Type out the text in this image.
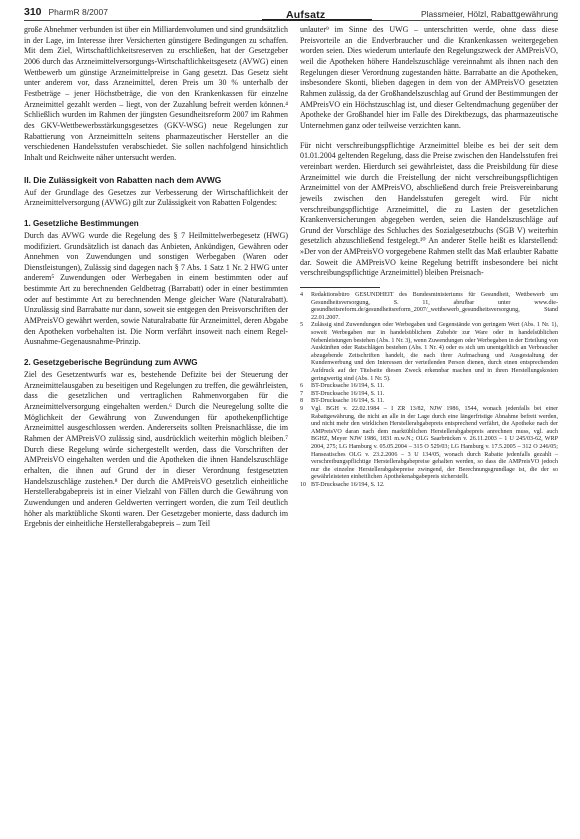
310 PharmR 8/2007	Aufsatz	Plassmeier, Hölzl, Rabattgewährung

große Abnehmer verbunden ist über ein Milliardenvolumen und sind grundsätzlich in der Lage, im Interesse ihrer Versicherten günstigere Bedingungen zu schaffen. Mit dem Ziel, Wirtschaftlichkeitsreserven zu erschließen, hat der Gesetzgeber 2006 durch das Arzneimittelversorgungs-Wirtschaftlichkeitsgesetz (AVWG) einen Wettbewerb um günstige Arzneimittelpreise in Gang gesetzt. Das Gesetz sieht unter anderem vor, dass Arzneimittel, deren Preis um 30 % unterhalb der Festbeträge – jener Höchstbeträge, die von den Krankenkassen für einzelne Arzneimittel gezahlt werden – liegt, von der Zuzahlung befreit werden können.⁴ Schließlich wurden im Rahmen der jüngsten Gesundheitsreform 2007 im Rahmen des GKV-Wettbewerbsstärkungsgesetzes (GKV-WSG) neue Regelungen zur Rabattierung von Arzneimitteln seitens pharmazeutischer Hersteller an die verschiedenen Handelsstufen verabschiedet. Sie sollen nachfolgend hinsichtlich Inhalt und Reichweite näher untersucht werden.

II. Die Zulässigkeit von Rabatten nach dem AVWG

Auf der Grundlage des Gesetzes zur Verbesserung der Wirtschaftlichkeit der Arzneimittelversorgung (AVWG) gilt zur Zulässigkeit von Rabatten Folgendes:

1. Gesetzliche Bestimmungen

Durch das AVWG wurde die Regelung des § 7 Heilmittelwerbegesetz (HWG) modifiziert. Grundsätzlich ist danach das Anbieten, Ankündigen, Gewähren oder Annehmen von Zuwendungen und sonstigen Werbegaben (Waren oder Dienstleistungen), Zulässig sind dagegen nach § 7 Abs. 1 Satz 1 Nr. 2 HWG unter anderem⁵ Zuwendungen oder Werbegaben in einem bestimmten oder auf bestimmte Art zu berechnenden Geldbetrag (Barrabatt) oder in einer bestimmten oder auf bestimmte Art zu berechnenden Menge gleicher Ware (Naturalrabatt). Unzulässig sind Barrabatte nur dann, soweit sie entgegen den Preisvorschriften der AMPreisVO gewährt werden, sowie Naturalrabatte für Arzneimittel, deren Abgabe den Apotheken vorbehalten ist. Die Norm verfährt insoweit nach einem Regel-Ausnahme-Gegenausnahme-Prinzip.

2. Gesetzgeberische Begründung zum AVWG

Ziel des Gesetzentwurfs war es, bestehende Defizite bei der Steuerung der Arzneimittelausgaben zu beseitigen und Regelungen zu treffen, die gewährleisten, dass die gesetzlichen und vertraglichen Rahmenvorgaben für die Arzneimittelversorgung eingehalten werden.⁶ Durch die Neuregelung sollte die Möglichkeit der Gewährung von Zuwendungen für apothekenpflichtige Arzneimittel ausgeschlossen werden. Andererseits sollten Preisnachlässe, die im Rahmen der AMPreisVO zulässig sind, ausdrücklich weiterhin möglich bleiben.⁷ Durch diese Regelung würde sichergestellt werden, dass die Vorschriften der AMPreisVO eingehalten werden und die Apotheken die ihnen Handelszuschläge erhalten, die ihnen auf Grund der in dieser Verordnung festgesetzten Handelszuschläge zustehen.⁸ Der durch die AMPreisVO gesetzlich einheitliche Herstellerabgabepreis ist in einer Vielzahl von Fällen durch die Gewährung von Zuwendungen und anderen Geldwerten verringert worden, die zum Teil deutlich höher als marktübliche Skonti waren. Der Gesetzgeber monierte, dass dadurch im Ergebnis der einheitliche Herstellerabgabepreis – zum Teil

unlauter⁹ im Sinne des UWG – unterschritten werde, ohne dass diese Preisvorteile an die Endverbraucher und die Krankenkassen weitergegeben worden seien. Dies wiederum unterlaufe den Regelungszweck der AMPreisVO, weil die Apotheken höhere Handelszuschläge vereinnahmt als ihnen nach den Regelungen dieser Verordnung zugestanden hätte. Barrabatte an die Apotheken, insbesondere Skonti, blieben dagegen in dem von der AMPreisVO gesetzten Rahmen zulässig, da der Großhandelszuschlag auf Grund der Bestimmungen der AMPreisVO ein Höchstzuschlag ist, und dieser Geltendmachung gegenüber der Apotheke der Großhandel hier im Falle des Direktbezugs, das pharmazeutische Unternehmen ganz oder teilweise verzichten kann.

Für nicht verschreibungspflichtige Arzneimittel bleibe es bei der seit dem 01.01.2004 geltenden Regelung, dass die Preise zwischen den Handelsstufen frei vereinbart werden. Hierdurch sei gewährleistet, dass die Preisbildung für diese Arzneimittel wie durch die Freistellung der nicht verschreibungspflichtigen Arzneimittel von der AMPreisVO, abschließend durch freie Preisvereinbarung jeweils zwischen den Handelsstufen geregelt wird. Für nicht verschreibungspflichtige Arzneimittel, die zu Lasten der gesetzlichen Krankenversicherungen abgegeben werden, seien die Handelszuschläge auf Grund der Vorschläge des Schluches des Sozialgesetzbuchs (SGB V) weiterhin gesetzlich abzuschließend festgelegt.¹⁰ An anderer Stelle heißt es klarstellend: »Der von der AMPreisVO vorgegebene Rahmen stellt das Maß erlaubter Rabatte dar. Soweit die AMPreisVO keine Regelung betrifft insbesondere bei nicht verschreibungspflichtige Arzneimittel) bleiben Preisnach-

4	Redaktionsbüro GESUNDHEIT des Bundesministeriums für Gesundheit, Wettbewerb um Gesundheitsversorgung, S. 11, abrufbar unter www.die-gesundheitsreform.de/gesundheitsreform_2007/_wettbewerb_gesundheitsversorgung, Stand 22.01.2007.
5	Zulässig sind Zuwendungen oder Werbegaben und Gegenstände von geringem Wert (Abs. 1 Nr. 1), soweit Werbegaben nur in handelsüblichem Zubehör zur Ware oder in handelsüblichen Nebenleistungen bestehen (Abs. 1 Nr. 3), wenn Zuwendungen oder Werbegaben in der Erteilung von Auskünften oder Ratschlägen bestehen (Abs. 1 Nr. 4) oder es sich um unentgeltlich an Verbraucher abzugebende Zeitschriften handelt, die nach ihrer Aufmachung und Ausgestaltung der Kundenwerbung und den Interessen der verteilenden Person dienen, durch einen entsprechenden Aufdruck auf der Titelseite diesen Zweck erkennbar machen und in ihren Herstellungskosten geringwertig sind (Abs. 1 Nr. 5).
6	BT-Drucksache 16/194, S. 11.
7	BT-Drucksache 16/194, S. 11.
8	BT-Drucksache 16/194, S. 11.
9	Vgl. BGH v. 22.02.1984 – I ZR 13/82, NJW 1986, 1544, wonach jedenfalls bei einer Rabattgewährung, die nicht an alle in der Lage durch eine längerfristige Abnahme befreit werden, und nicht mehr den wirklichen Herstellerabgabepreis entsprechend verfährt, die Apotheke nach der AMPreisVO daran nach dem marktüblichen Herstellerabgabepreis anrechnen muss, vgl. auch BGHZ, Meyer NJW 1986, 1831 m.w.N.; OLG Saarbrücken v. 26.11.2003 – 1 U 245/03-62, WRP 2004, 275; LG Hamburg v. 05.05.2004 – 315 O 529/03; LG Hamburg v. 17.5.2005 – 312 O 246/05; Hanseatisches OLG v. 23.2.2006 – 3 U 134/05, wonach durch Rabatte jedenfalls gezahlt – verschreibungspflichtige Herstellerabgabepreise gehalten werden, so dass die AMPreisVO jedoch nur die einzelne Herstellerabgabepreise zwingend, der Berechnungsgrundlage ist, die der so gewährleisteten einheitlichen Apothekenabgabepreis sicherstellt.
10 BT-Drucksache 16/194, S. 12.
